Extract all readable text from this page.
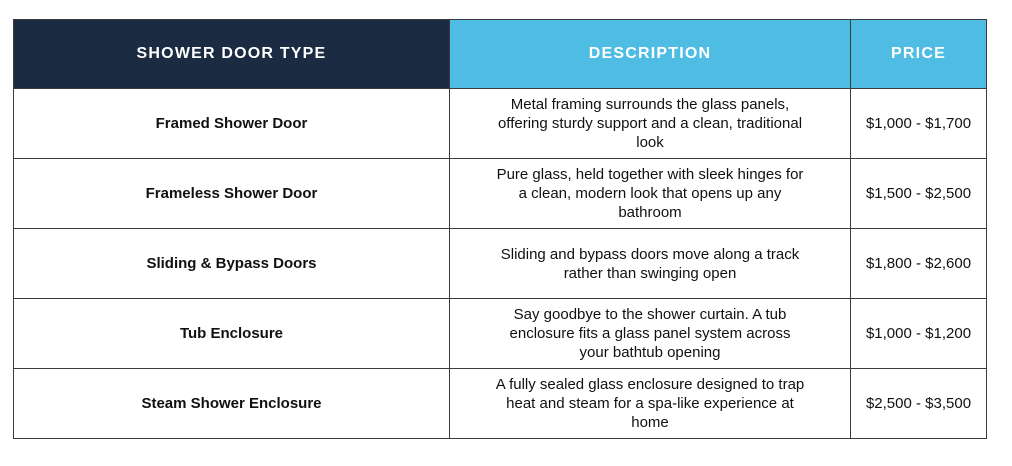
SHOWER DOOR TYPE	DESCRIPTION	PRICE
Framed Shower Door	Metal framing surrounds the glass panels, offering sturdy support and a clean, traditional look	$1,000 - $1,700
Frameless Shower Door	Pure glass, held together with sleek hinges for a clean, modern look that opens up any bathroom	$1,500 - $2,500
Sliding & Bypass Doors	Sliding and bypass doors move along a track rather than swinging open	$1,800 - $2,600
Tub Enclosure	Say goodbye to the shower curtain. A tub enclosure fits a glass panel system across your bathtub opening	$1,000 - $1,200
Steam Shower Enclosure	A fully sealed glass enclosure designed to trap heat and steam for a spa-like experience at home	$2,500 - $3,500
